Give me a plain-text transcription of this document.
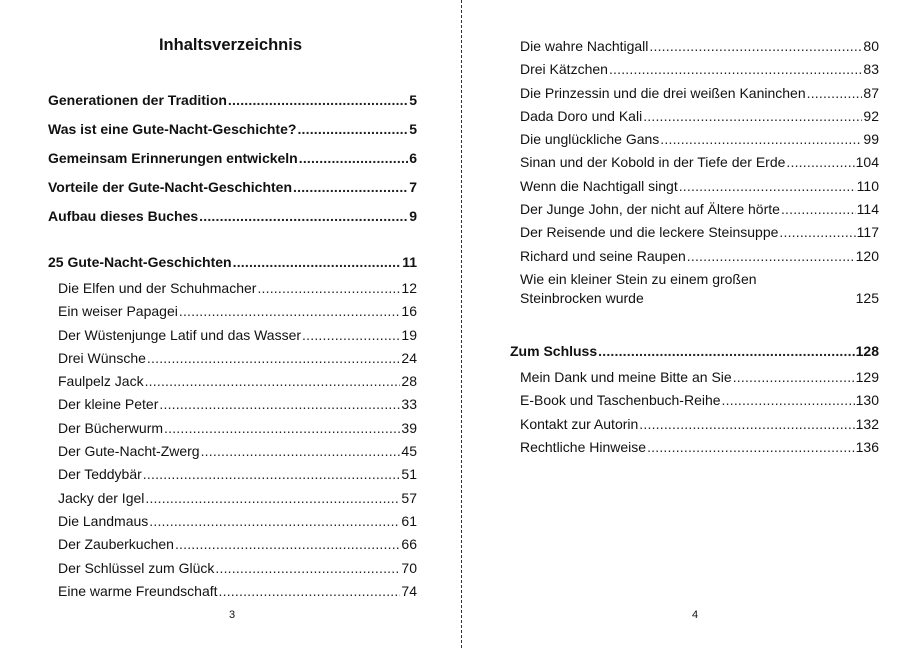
Inhaltsverzeichnis
Generationen der Tradition .....	5
Was ist eine Gute-Nacht-Geschichte? .....	5
Gemeinsam Erinnerungen entwickeln .....	6
Vorteile der Gute-Nacht-Geschichten .....	7
Aufbau dieses Buches .....	9
25 Gute-Nacht-Geschichten .....	11
Die Elfen und der Schuhmacher .....	12
Ein weiser Papagei .....	16
Der Wüstenjunge Latif und das Wasser .....	19
Drei Wünsche .....	24
Faulpelz Jack .....	28
Der kleine Peter .....	33
Der Bücherwurm .....	39
Der Gute-Nacht-Zwerg .....	45
Der Teddybär .....	51
Jacky der Igel .....	57
Die Landmaus .....	61
Der Zauberkuchen .....	66
Der Schlüssel zum Glück .....	70
Eine warme Freundschaft .....	74
3
Die wahre Nachtigall .....	80
Drei Kätzchen .....	83
Die Prinzessin und die drei weißen Kaninchen .....	87
Dada Doro und Kali .....	92
Die unglückliche Gans .....	99
Sinan und der Kobold in der Tiefe der Erde .....	104
Wenn die Nachtigall singt .....	110
Der Junge John, der nicht auf Ältere hörte .....	114
Der Reisende und die leckere Steinsuppe .....	117
Richard und seine Raupen .....	120
Wie ein kleiner Stein zu einem großen
Steinbrocken wurde	125
Zum Schluss .....	128
Mein Dank und meine Bitte an Sie .....	129
E-Book und Taschenbuch-Reihe .....	130
Kontakt zur Autorin .....	132
Rechtliche Hinweise .....	136
4
